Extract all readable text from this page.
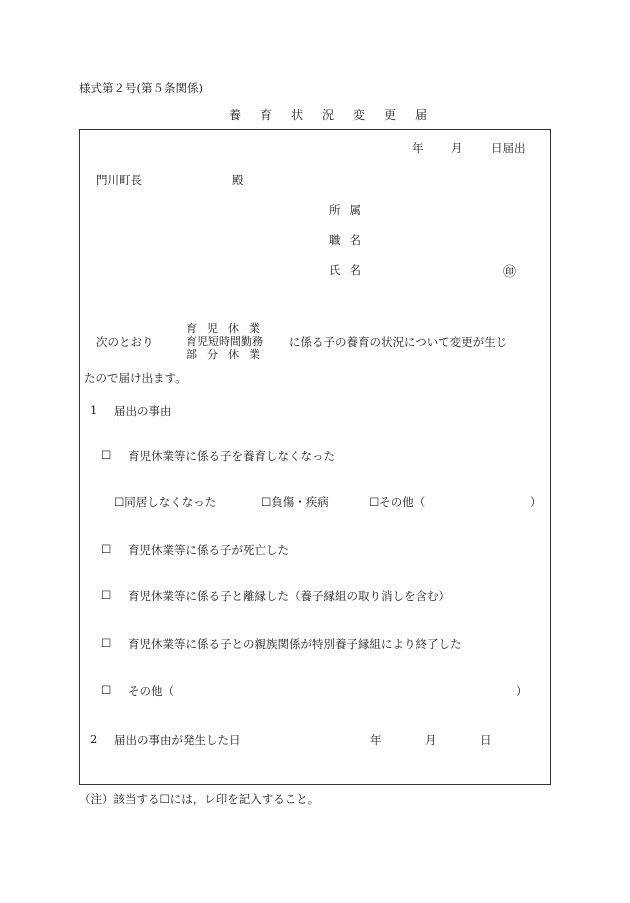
様式第２号(第５条関係)
養育状況変更届
年 月 日届出
門川町長	殿
所属
職名
氏名	㊞
次のとおり
育児休業
育児短時間勤務
部分休業
に係る子の養育の状況について変更が生じ
たので届け出ます。
1 届出の事由
☐ 育児休業等に係る子を養育しなくなった
☐同居しなくなった	☐負傷・疾病	☐その他（	）
☐ 育児休業等に係る子が死亡した
☐ 育児休業等に係る子と離縁した（養子縁組の取り消しを含む）
☐ 育児休業等に係る子との親族関係が特別養子縁組により終了した
☐ その他（	）
2 届出の事由が発生した日	年	月	日
（注）該当する☐には，レ印を記入すること。
